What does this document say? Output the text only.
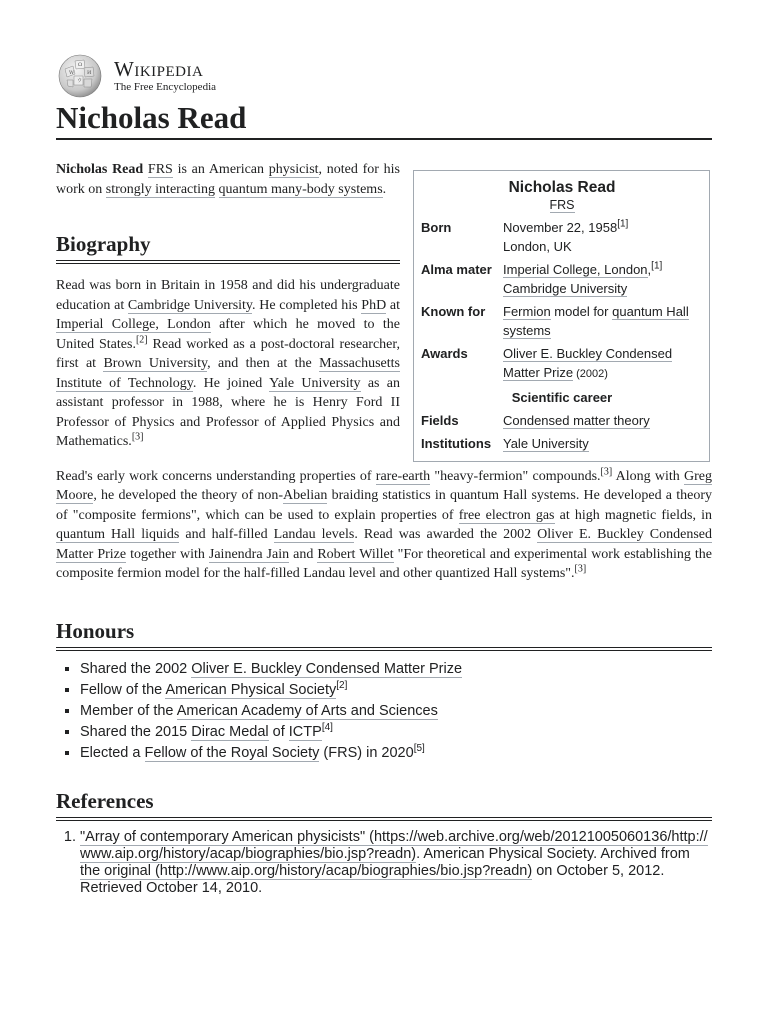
W
Ω
И
ウ Wikipedia
The Free Encyclopedia
Nicholas Read
Nicholas Read
FRS
Born	November 22, 1958[1]
London, UK
Alma mater	Imperial College, London,[1]
Cambridge University
Known for	Fermion model for quantum Hall systems
Awards	Oliver E. Buckley Condensed Matter Prize (2002)
Scientific career	
Fields	Condensed matter theory
Institutions	Yale University

Nicholas Read FRS is an American physicist, noted for his work on strongly interacting quantum many-body systems.

Biography

Read was born in Britain in 1958 and did his undergraduate education at Cambridge University. He completed his PhD at Imperial College, London after which he moved to the United States.[2] Read worked as a post-doctoral researcher, first at Brown University, and then at the Massachusetts Institute of Technology. He joined Yale University as an assistant professor in 1988, where he is Henry Ford II Professor of Physics and Professor of Applied Physics and Mathematics.[3]

Read's early work concerns understanding properties of rare-earth "heavy-fermion" compounds.[3] Along with Greg Moore, he developed the theory of non-Abelian braiding statistics in quantum Hall systems. He developed a theory of "composite fermions", which can be used to explain properties of free electron gas at high magnetic fields, in quantum Hall liquids and half-filled Landau levels. Read was awarded the 2002 Oliver E. Buckley Condensed Matter Prize together with Jainendra Jain and Robert Willet "For theoretical and experimental work establishing the composite fermion model for the half-filled Landau level and other quantized Hall systems".[3]

Honours
▪ Shared the 2002 Oliver E. Buckley Condensed Matter Prize
▪ Fellow of the American Physical Society[2]
▪ Member of the American Academy of Arts and Sciences
▪ Shared the 2015 Dirac Medal of ICTP[4]
▪ Elected a Fellow of the Royal Society (FRS) in 2020[5]
References
1. "Array of contemporary American physicists" (https://web.archive.org/web/20121005060136/http://www.aip.org/history/acap/biographies/bio.jsp?readn). American Physical Society. Archived from the original (http://www.aip.org/history/acap/biographies/bio.jsp?readn) on October 5, 2012. Retrieved October 14, 2010.
